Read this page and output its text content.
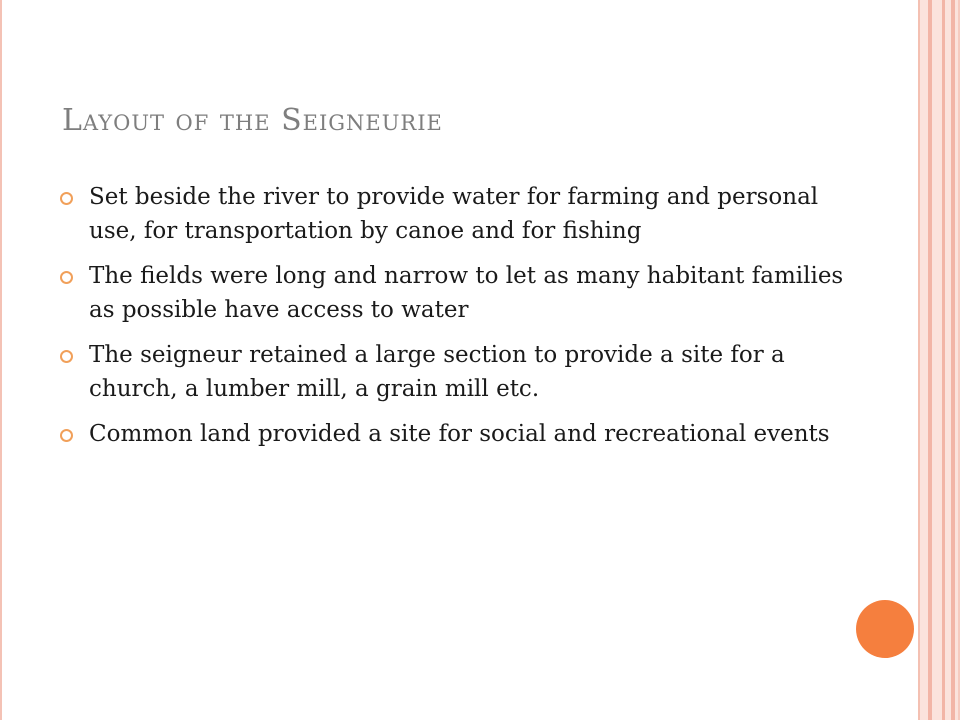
Layout of the Seigneurie
Set beside the river to provide water for farming and personal use, for transportation by canoe and for fishing
The fields were long and narrow to let as many habitant families as possible have access to water
The seigneur retained a large section to provide a site for a church, a lumber mill, a grain mill etc.
Common land provided a site for social and recreational events
